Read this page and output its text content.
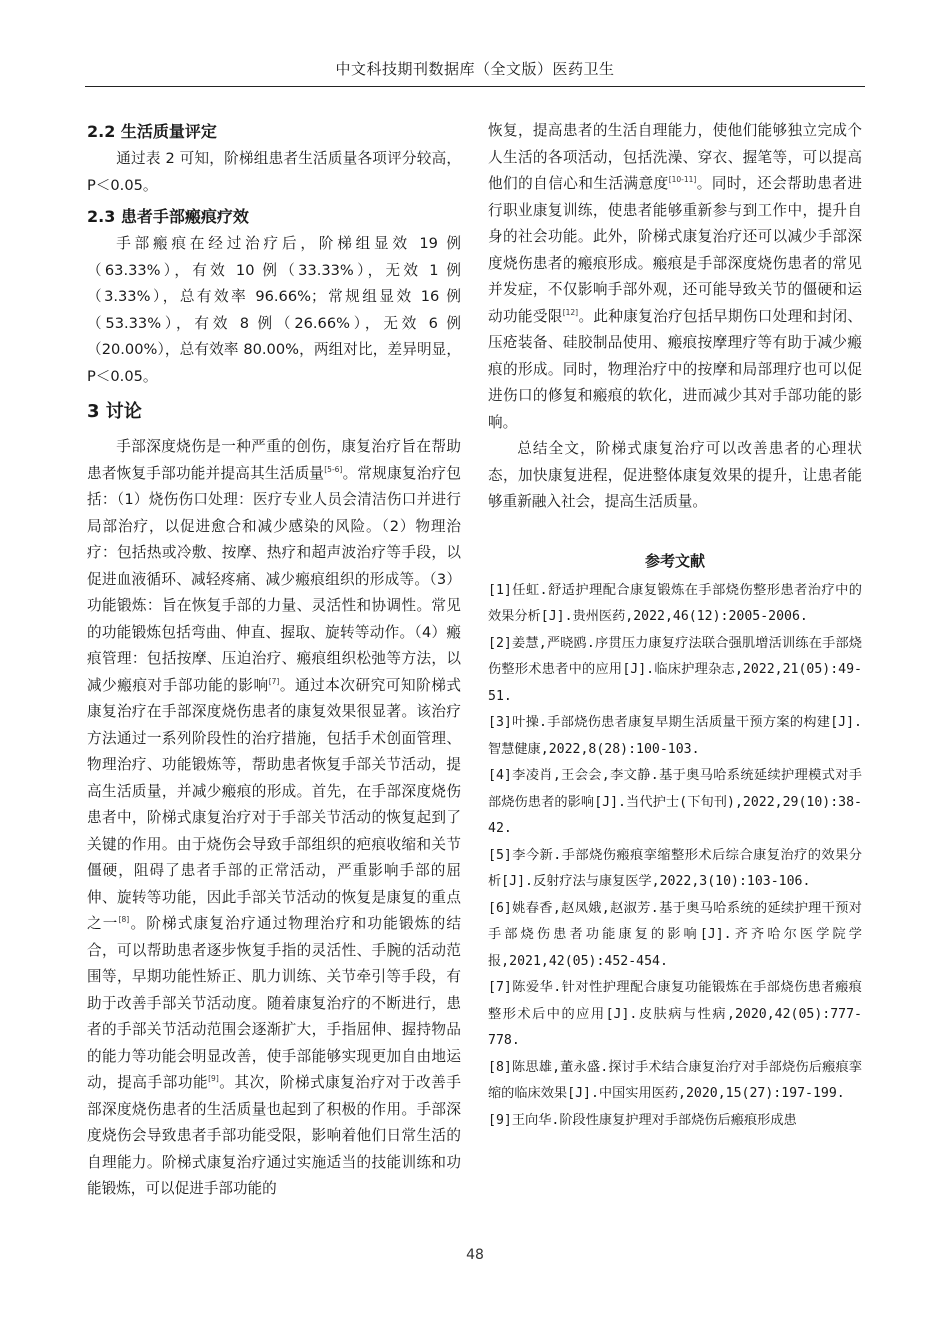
中文科技期刊数据库（全文版）医药卫生
2.2 生活质量评定

通过表 2 可知，阶梯组患者生活质量各项评分较高，P＜0.05。

2.3 患者手部瘢痕疗效

手部瘢痕在经过治疗后，阶梯组显效 19 例（63.33%），有效 10 例（33.33%），无效 1 例（3.33%），总有效率 96.66%；常规组显效 16 例（53.33%），有效 8 例（26.66%），无效 6 例（20.00%），总有效率 80.00%，两组对比，差异明显，P＜0.05。

3 讨论

手部深度烧伤是一种严重的创伤，康复治疗旨在帮助患者恢复手部功能并提高其生活质量[5-6]。常规康复治疗包括：（1）烧伤伤口处理：医疗专业人员会清洁伤口并进行局部治疗，以促进愈合和减少感染的风险。（2）物理治疗：包括热或冷敷、按摩、热疗和超声波治疗等手段，以促进血液循环、减轻疼痛、减少瘢痕组织的形成等。（3）功能锻炼：旨在恢复手部的力量、灵活性和协调性。常见的功能锻炼包括弯曲、伸直、握取、旋转等动作。（4）瘢痕管理：包括按摩、压迫治疗、瘢痕组织松弛等方法，以减少瘢痕对手部功能的影响[7]。通过本次研究可知阶梯式康复治疗在手部深度烧伤患者的康复效果很显著。该治疗方法通过一系列阶段性的治疗措施，包括手术创面管理、物理治疗、功能锻炼等，帮助患者恢复手部关节活动，提高生活质量，并减少瘢痕的形成。首先，在手部深度烧伤患者中，阶梯式康复治疗对于手部关节活动的恢复起到了关键的作用。由于烧伤会导致手部组织的疤痕收缩和关节僵硬，阻碍了患者手部的正常活动，严重影响手部的屈伸、旋转等功能，因此手部关节活动的恢复是康复的重点之一[8]。阶梯式康复治疗通过物理治疗和功能锻炼的结合，可以帮助患者逐步恢复手指的灵活性、手腕的活动范围等，早期功能性矫正、肌力训练、关节牵引等手段，有助于改善手部关节活动度。随着康复治疗的不断进行，患者的手部关节活动范围会逐渐扩大，手指屈伸、握持物品的能力等功能会明显改善，使手部能够实现更加自由地运动，提高手部功能[9]。其次，阶梯式康复治疗对于改善手部深度烧伤患者的生活质量也起到了积极的作用。手部深度烧伤会导致患者手部功能受限，影响着他们日常生活的自理能力。阶梯式康复治疗通过实施适当的技能训练和功能锻炼，可以促进手部功能的

恢复，提高患者的生活自理能力，使他们能够独立完成个人生活的各项活动，包括洗澡、穿衣、握笔等，可以提高他们的自信心和生活满意度[10-11]。同时，还会帮助患者进行职业康复训练，使患者能够重新参与到工作中，提升自身的社会功能。此外，阶梯式康复治疗还可以减少手部深度烧伤患者的瘢痕形成。瘢痕是手部深度烧伤患者的常见并发症，不仅影响手部外观，还可能导致关节的僵硬和运动功能受限[12]。此种康复治疗包括早期伤口处理和封闭、压疮装备、硅胶制品使用、瘢痕按摩理疗等有助于减少瘢痕的形成。同时，物理治疗中的按摩和局部理疗也可以促进伤口的修复和瘢痕的软化，进而减少其对手部功能的影响。

总结全文，阶梯式康复治疗可以改善患者的心理状态，加快康复进程，促进整体康复效果的提升，让患者能够重新融入社会，提高生活质量。

参考文献

[1]任虹.舒适护理配合康复锻炼在手部烧伤整形患者治疗中的效果分析[J].贵州医药,2022,46(12):2005-2006.

[2]姜慧,严晓鸥.序贯压力康复疗法联合强肌增活训练在手部烧伤整形术患者中的应用[J].临床护理杂志,2022,21(05):49-51.

[3]叶操.手部烧伤患者康复早期生活质量干预方案的构建[J].智慧健康,2022,8(28):100-103.

[4]李凌肖,王会会,李文静.基于奥马哈系统延续护理模式对手部烧伤患者的影响[J].当代护士(下旬刊),2022,29(10):38-42.

[5]李今新.手部烧伤瘢痕挛缩整形术后综合康复治疗的效果分析[J].反射疗法与康复医学,2022,3(10):103-106.

[6]姚春香,赵凤娥,赵淑芳.基于奥马哈系统的延续护理干预对手部烧伤患者功能康复的影响[J].齐齐哈尔医学院学报,2021,42(05):452-454.

[7]陈爱华.针对性护理配合康复功能锻炼在手部烧伤患者瘢痕整形术后中的应用[J].皮肤病与性病,2020,42(05):777-778.

[8]陈思雄,董永盛.探讨手术结合康复治疗对手部烧伤后瘢痕挛缩的临床效果[J].中国实用医药,2020,15(27):197-199.

[9]王向华.阶段性康复护理对手部烧伤后瘢痕形成患

48
